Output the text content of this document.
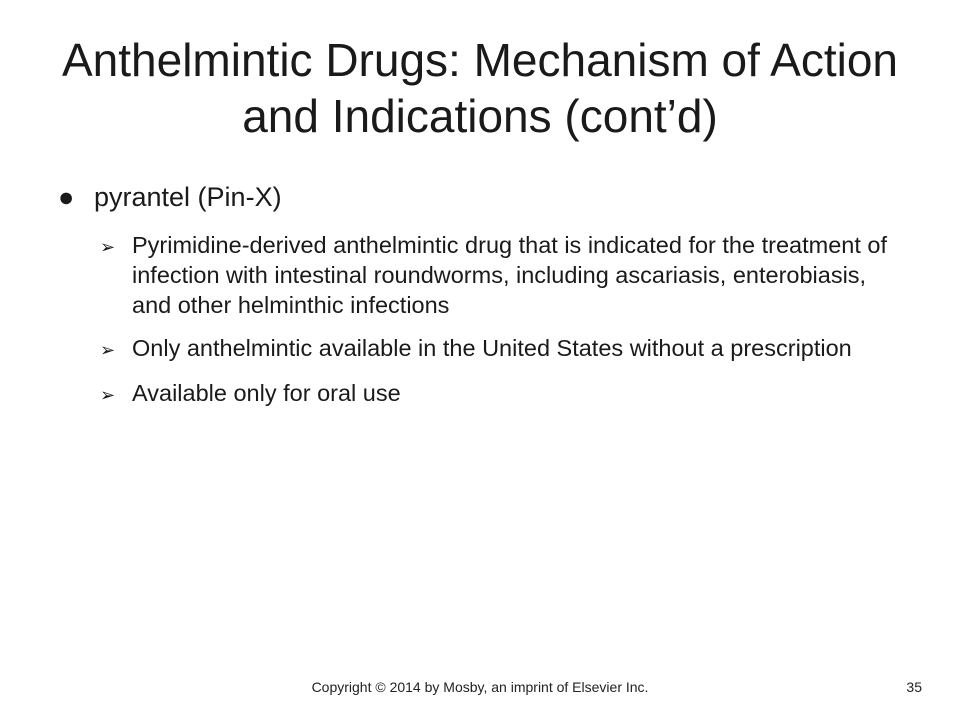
Anthelmintic Drugs: Mechanism of Action and Indications (cont’d)
● pyrantel (Pin-X)
➢ Pyrimidine-derived anthelmintic drug that is indicated for the treatment of infection with intestinal roundworms, including ascariasis, enterobiasis, and other helminthic infections
➢ Only anthelmintic available in the United States without a prescription
➢ Available only for oral use
Copyright © 2014 by Mosby, an imprint of Elsevier Inc.	35
